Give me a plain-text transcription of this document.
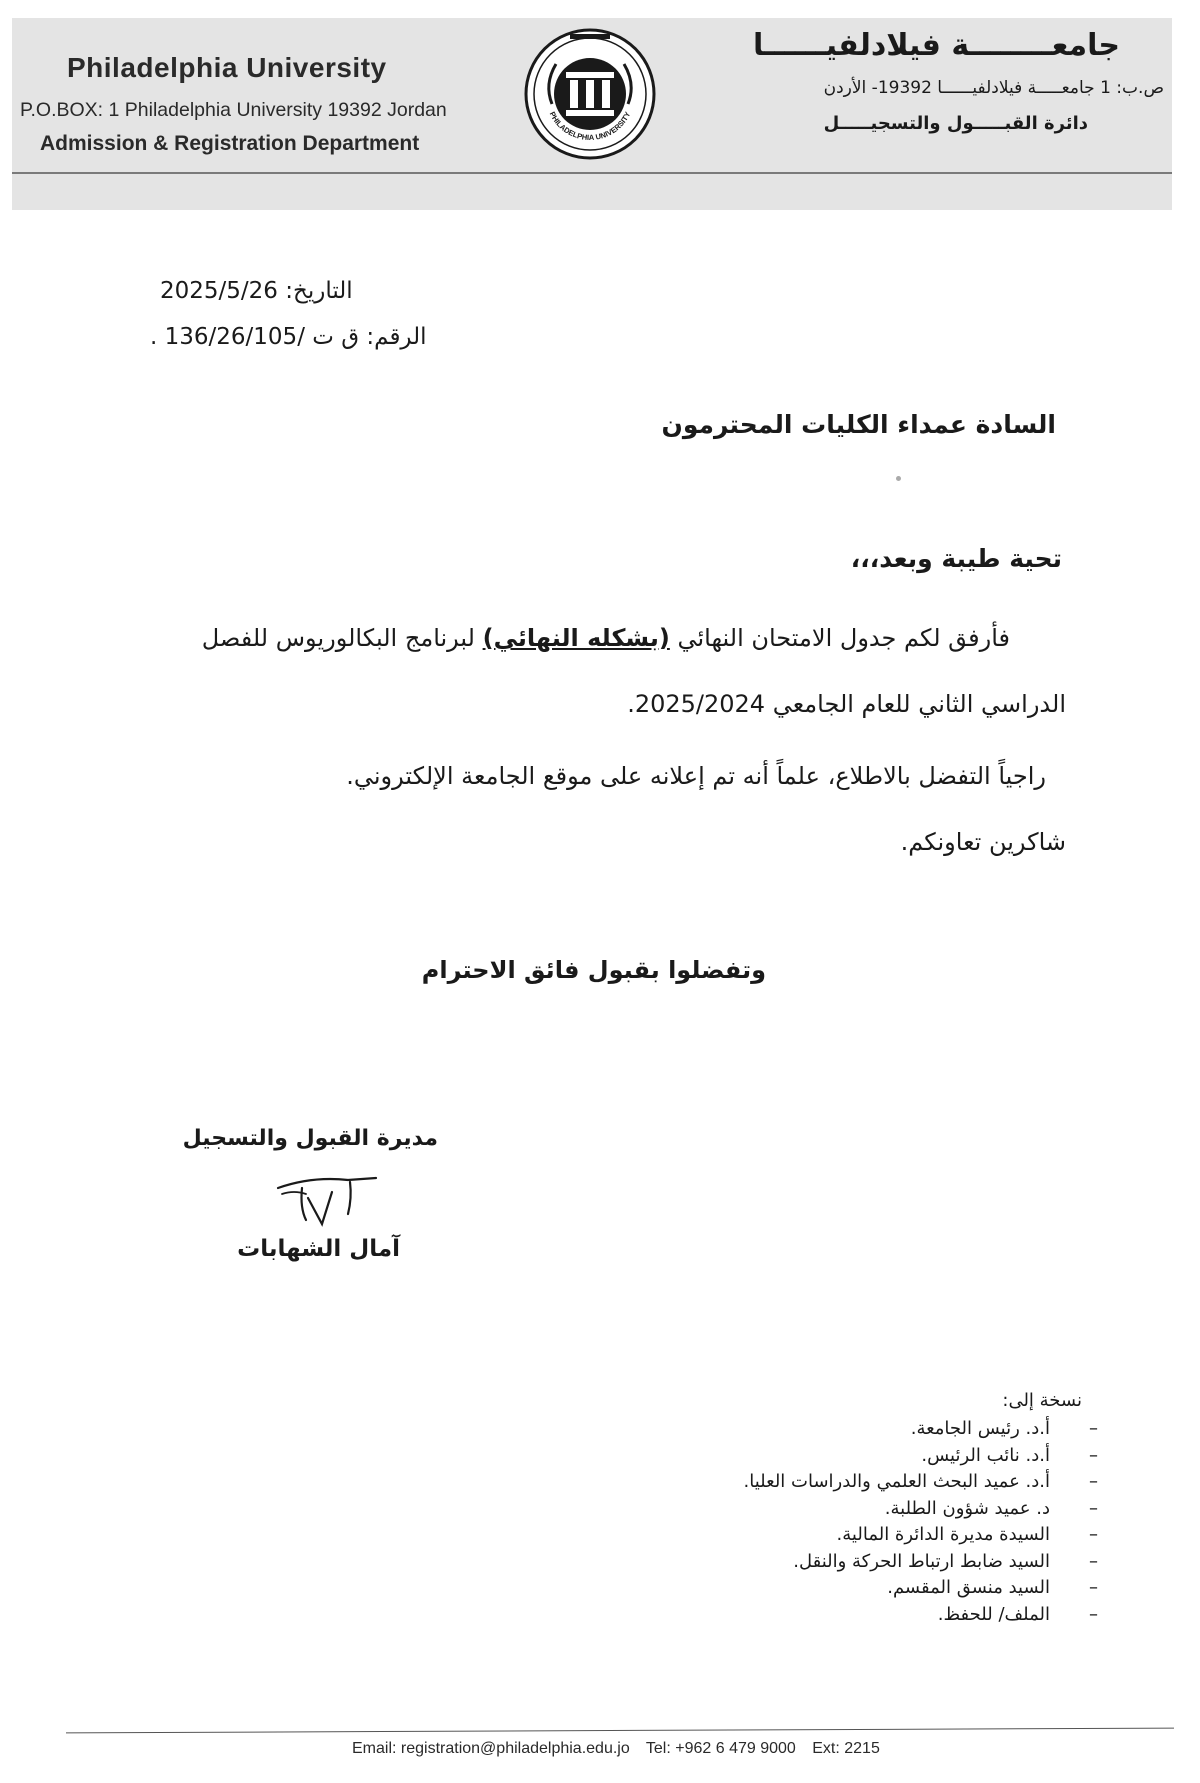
Philadelphia University
P.O.BOX: 1 Philadelphia University 19392 Jordan
Admission & Registration Department
جامعــــــــة فيلادلفيــــــا
ص.ب: 1 جامعـــــة فيلادلفيــــــا 19392- الأردن
دائرة القبـــــول والتسجيـــــل
PHILADELPHIA UNIVERSITY
التاريخ: 2025/5/26
الرقم: ق ت /136/26/105 .
السادة عمداء الكليات المحترمون
تحية طيبة وبعد،،،
فأرفق لكم جدول الامتحان النهائي (بشكله النهائي) لبرنامج البكالوريوس للفصل
الدراسي الثاني للعام الجامعي 2025/2024.
راجياً التفضل بالاطلاع، علماً أنه تم إعلانه على موقع الجامعة الإلكتروني.
شاكرين تعاونكم.
وتفضلوا بقبول فائق الاحترام
مديرة القبول والتسجيل
آمال الشهابات
نسخة إلى:
–
أ.د. رئيس الجامعة.
–
أ.د. نائب الرئيس.
–
أ.د. عميد البحث العلمي والدراسات العليا.
–
د. عميد شؤون الطلبة.
–
السيدة مديرة الدائرة المالية.
–
السيد ضابط ارتباط الحركة والنقل.
–
السيد منسق المقسم.
–
الملف/ للحفظ.
Email: registration@philadelphia.edu.jo Tel: +962 6 479 9000 Ext: 2215
